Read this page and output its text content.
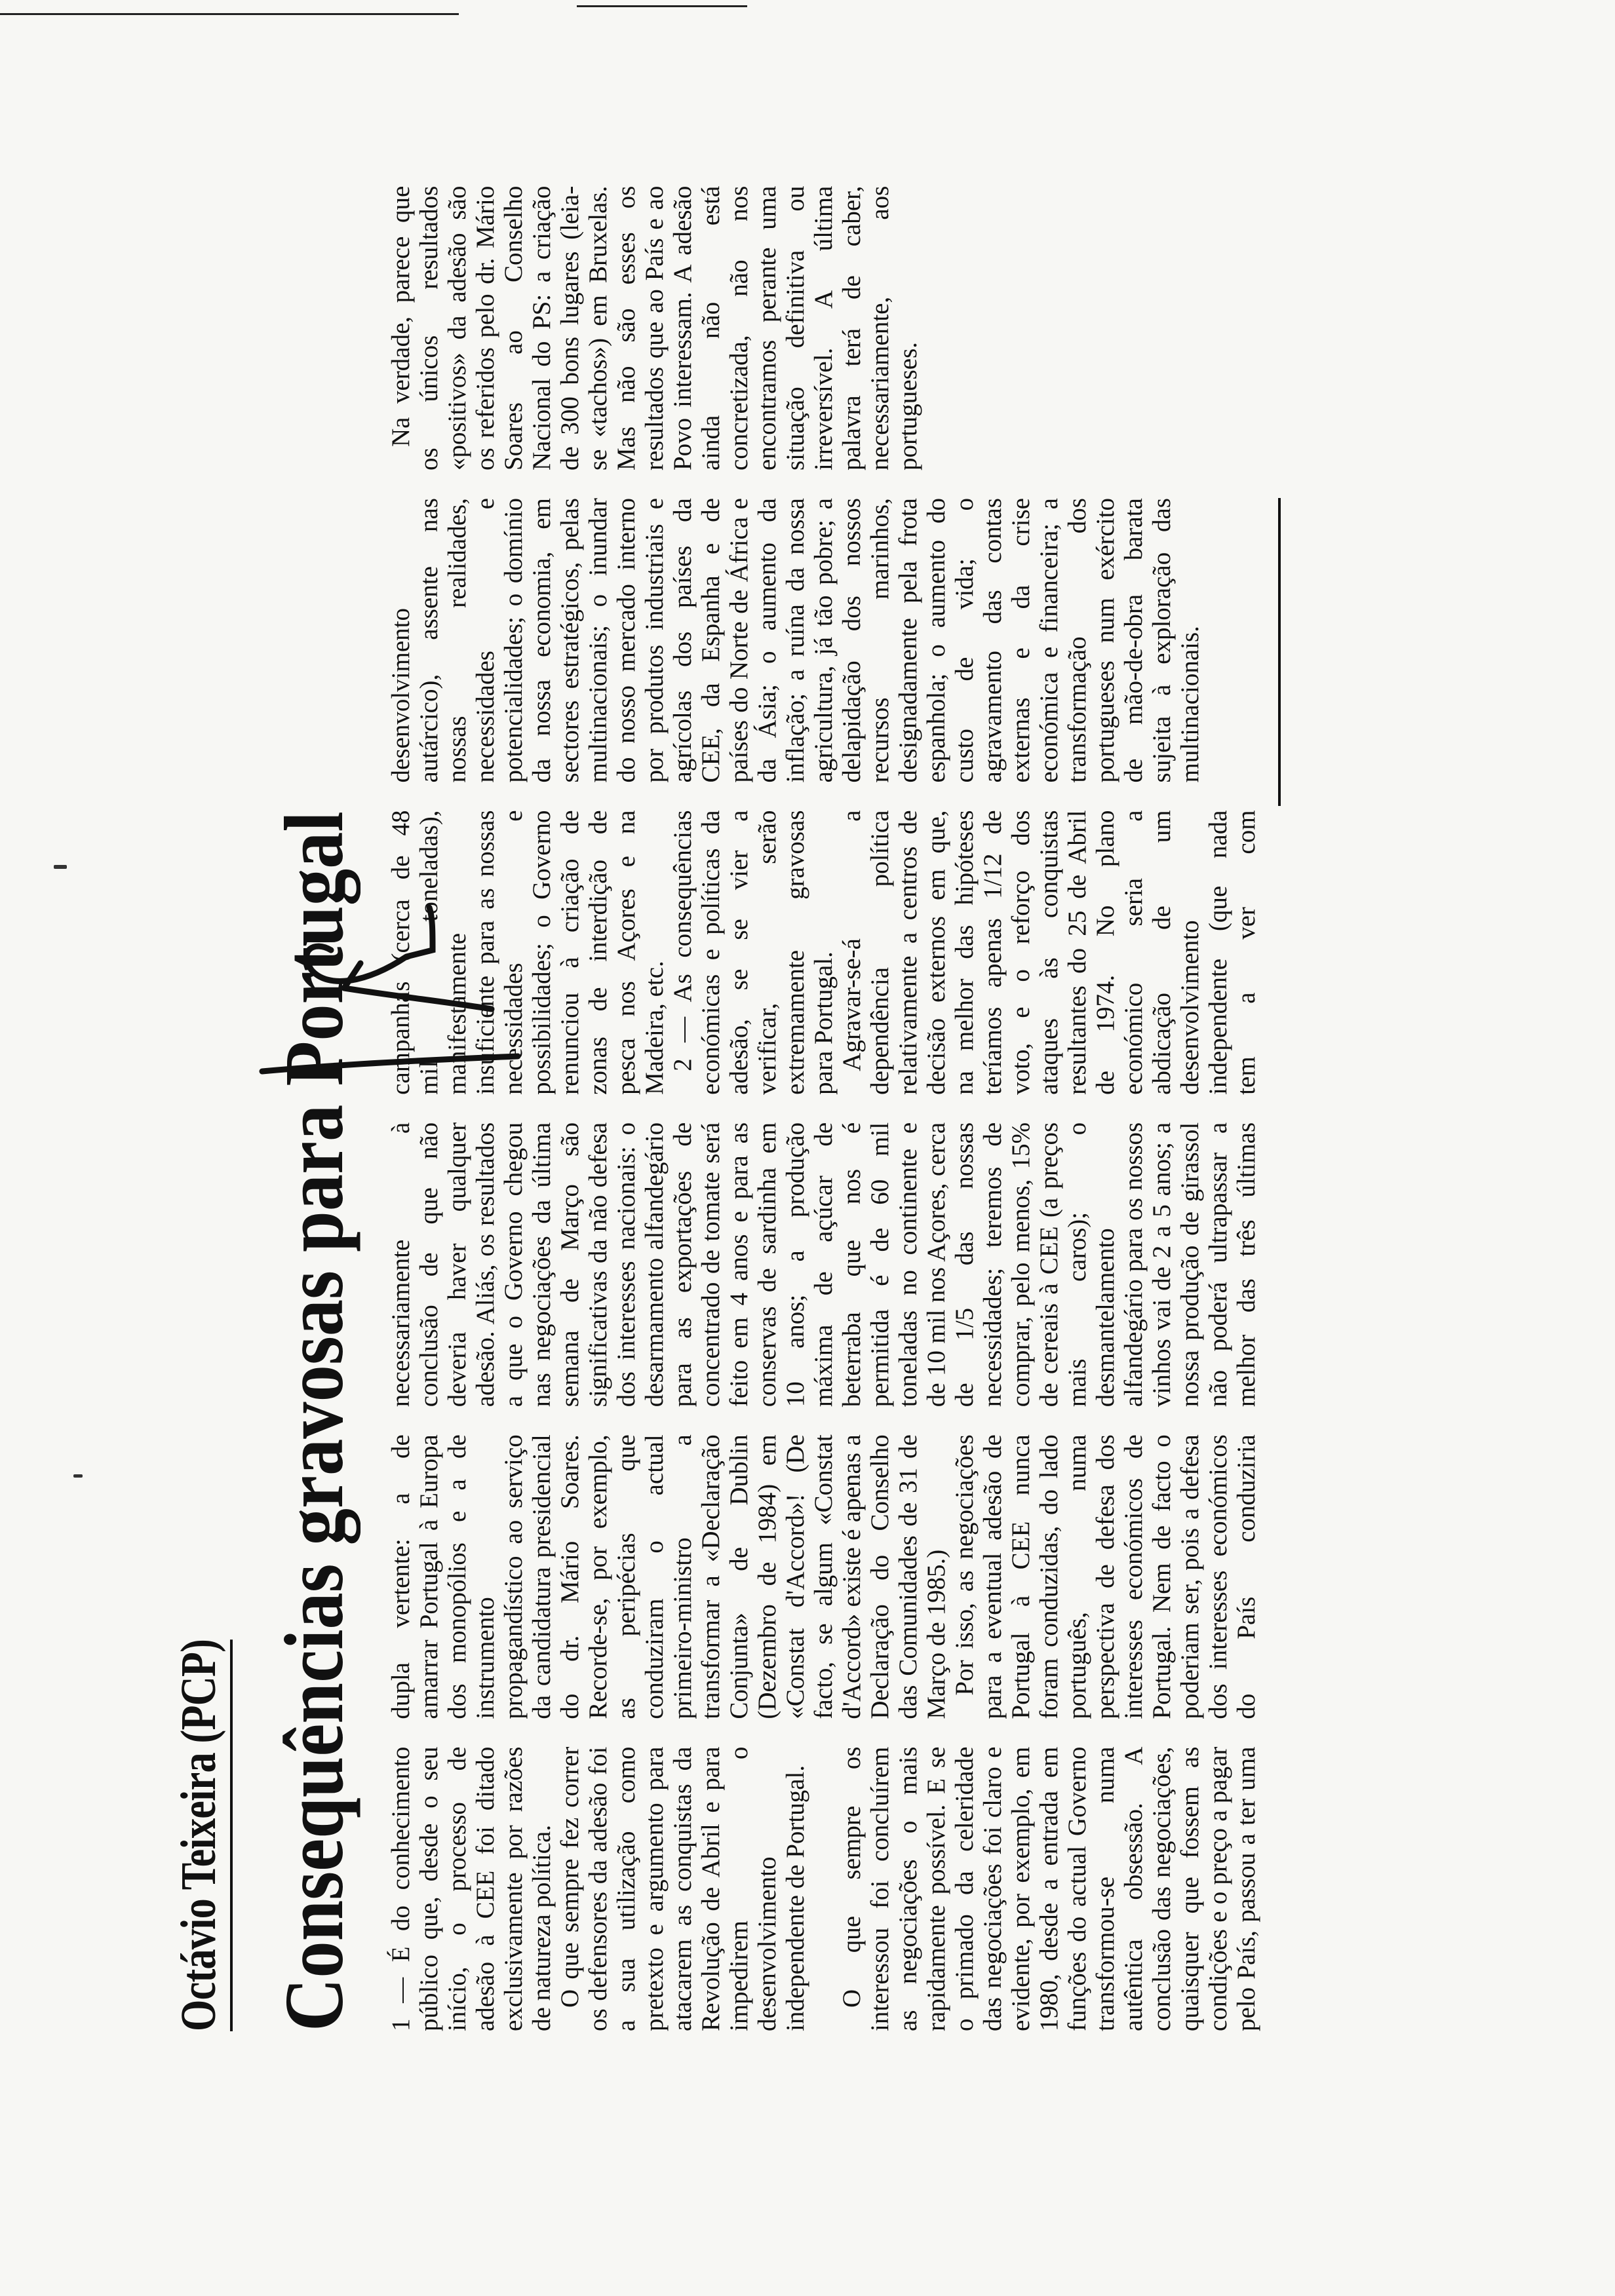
Octávio Teixeira (PCP) Consequências gravosas para Portugal 1 — É do conhecimento público que, desde o seu início, o processo de adesão à CEE foi ditado exclusivamente por razões de natureza política. O que sempre fez correr os defensores da adesão foi a sua utilização como pretexto e argumento para atacarem as conquistas da Revolução de Abril e para impedirem o desenvolvimento independente de Portugal.	O que sempre os interessou foi concluírem as negociações o mais rapidamente possível. E se o primado da celeridade das negociações foi claro e evidente, por exemplo, em 1980, desde a entrada em funções do actual Governo transformou-se numa autêntica obsessão. A conclusão das negociações, quaisquer que fossem as condições e o preço a pagar pelo País, passou a ter uma dupla vertente: a de amarrar Portugal à Europa dos monopólios e a de instrumento propagandístico ao serviço da candidatura presidencial do dr. Mário Soares. Recorde-se, por exemplo, as peripécias que conduziram o actual primeiro-ministro a transformar a «Declaração Conjunta» de Dublin (Dezembro de 1984) em «Constat d'Accord»! (De facto, se algum «Constat d'Accord» existe é apenas a Declaração do Conselho das Comunidades de 31 de Março de 1985.) Por isso, as negociações para a eventual adesão de Portugal à CEE nunca foram conduzidas, do lado português, numa perspectiva de defesa dos interesses económicos de Portugal. Nem de facto o poderiam ser, pois a defesa dos interesses económicos do País conduziria necessariamente à conclusão de que não deveria haver qualquer adesão. Aliás, os resultados a que o Governo chegou nas negociações da última semana de Março são significativas da não defesa dos interesses nacionais: o desarmamento alfandegário para as exportações de concentrado de tomate será feito em 4 anos e para as conservas de sardinha em 10 anos; a produção máxima de açúcar de beterraba que nos é permitida é de 60 mil toneladas no continente e de 10 mil nos Açores, cerca de 1/5 das nossas necessidades; teremos de comprar, pelo menos, 15% de cereais à CEE (a preços mais caros); o desmantelamento alfandegário para os nossos vinhos vai de 2 a 5 anos; a nossa produção de girassol não poderá ultrapassar a melhor das três últimas campanhas (cerca de 48 mil toneladas), manifestamente insuficiente para as nossas necessidades e possibilidades; o Governo renunciou à criação de zonas de interdição de pesca nos Açores e na Madeira, etc. 2 — As consequências económicas e políticas da adesão, se se vier a verificar, serão extremamente gravosas para Portugal. Agravar-se-á a dependência política relativamente a centros de decisão externos em que, na melhor das hipóteses teríamos apenas 1/12 de voto, e o reforço dos ataques às conquistas resultantes do 25 de Abril de 1974. No plano económico seria a abdicação de um desenvolvimento independente (que nada tem a ver com desenvolvimento autárcico), assente nas nossas realidades, necessidades e potencialidades; o domínio da nossa economia, em sectores estratégicos, pelas multinacionais; o inundar do nosso mercado interno por produtos industriais e agrícolas dos países da CEE, da Espanha e de países do Norte de África e da Ásia; o aumento da inflação; a ruína da nossa agricultura, já tão pobre; a delapidação dos nossos recursos marinhos, designadamente pela frota espanhola; o aumento do custo de vida; o agravamento das contas externas e da crise económica e financeira; a transformação dos portugueses num exército de mão-de-obra barata sujeita à exploração das multinacionais.

Na verdade, parece que os únicos resultados «positivos» da adesão são os referidos pelo dr. Mário Soares ao Conselho Nacional do PS: a criação de 300 bons lugares (leia-se «tachos») em Bruxelas. Mas não são esses os resultados que ao País e ao Povo interessam. A adesão ainda não está concretizada, não nos encontramos perante uma situação definitiva ou irreversível. A última palavra terá de caber, necessariamente, aos portugueses.
